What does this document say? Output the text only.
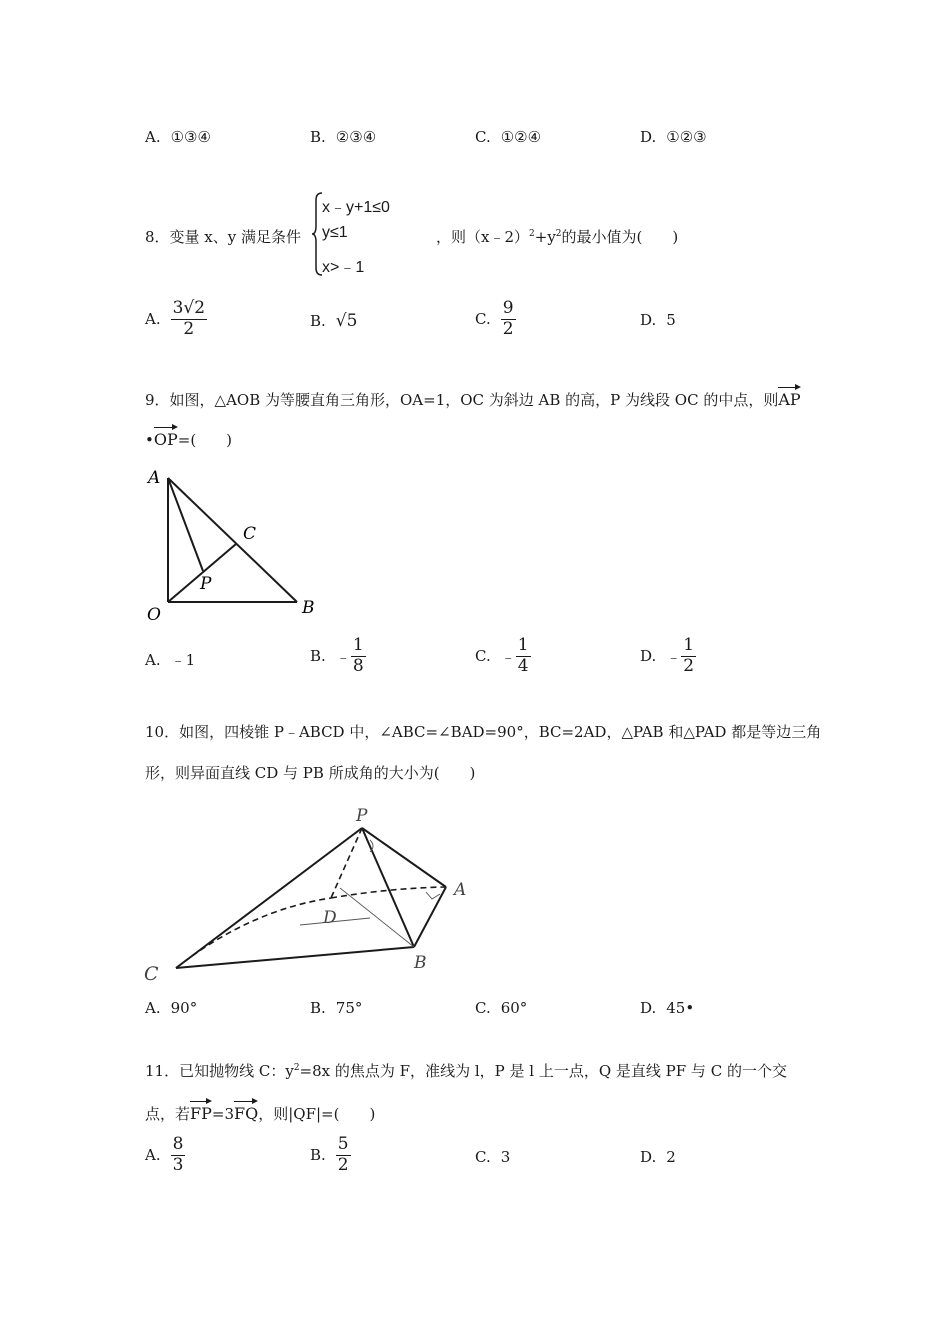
A. ①③④	B. ②③④	C. ①②④	D. ①②③
8．变量 x、y 满足条件
x﹣y+1≤0
y≤1
x>﹣1
，则$(x﹣2)^2+y^2$的最小值为(　　)
A. $\frac{3√2}{2}$	B. √5	C. $\frac{9}{2}$	D. 5
9．如图，△AOB 为等腰直角三角形，OA=1，OC 为斜边 AB 的高，P 为线段 OC 的中点，则AP
•OP=(　　)
A
O	B
C
P
A. ﹣1	B. ﹣ $\frac{1}{8}$	C. ﹣ $\frac{1}{4}$	D. ﹣ $\frac{1}{2}$
10．如图，四棱锥 P﹣ABCD 中，∠ABC=∠BAD=90°，BC=2AD，△PAB 和△PAD 都是等边三角
形，则异面直线 CD 与 PB 所成角的大小为(　　)
P
A
B
C
D
A. 90°	B. 75°	C. 60°	D. 45•
11．已知抛物线 C：$y^2=8x$ 的焦点为 F，准线为 l，P 是 l 上一点，Q 是直线 PF 与 C 的一个交
点，若FP=3FQ，则|QF|=(　　)
A. $\frac{8}{3}$	B. $\frac{5}{2}$	C. 3	D. 2
